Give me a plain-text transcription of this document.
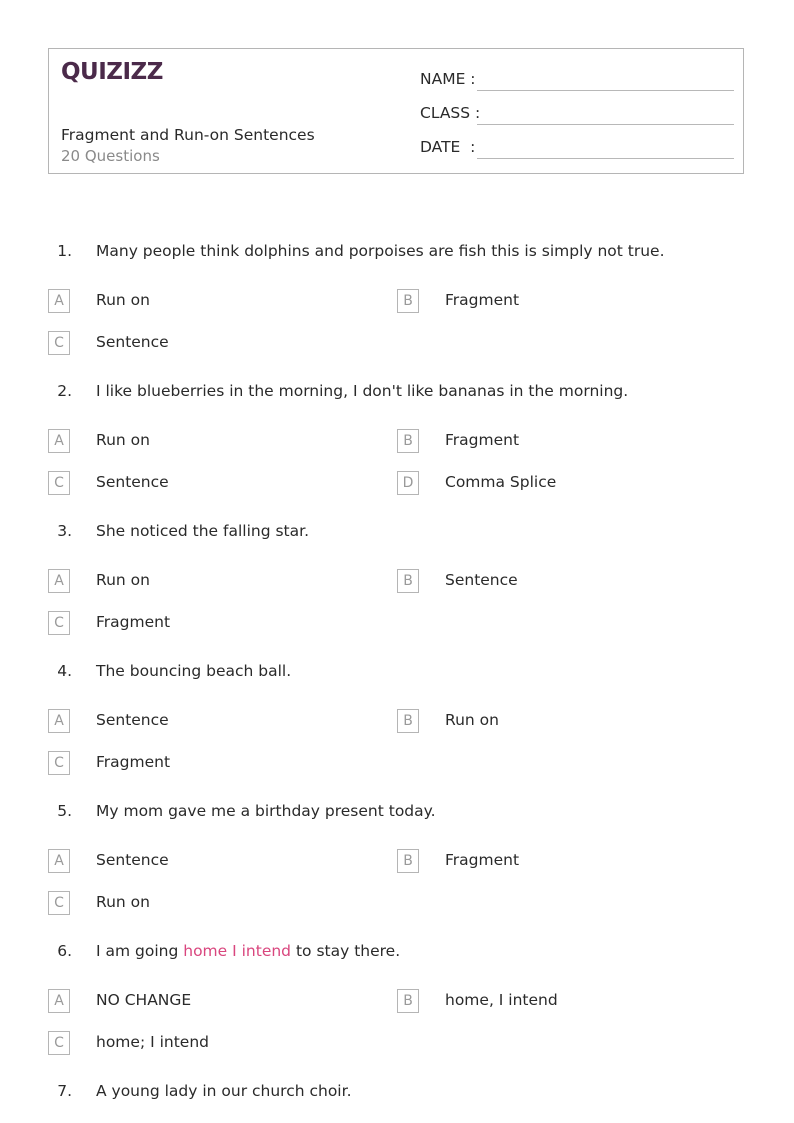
QUIZIZZ
Fragment and Run-on Sentences
20 Questions
NAME :
CLASS :
DATE  :
1. Many people think dolphins and porpoises are fish this is simply not true.
A	Run on	B	Fragment
C	Sentence
2. I like blueberries in the morning, I don't like bananas in the morning.
A	Run on	B	Fragment
C	Sentence	D	Comma Splice
3. She noticed the falling star.
A	Run on	B	Sentence
C	Fragment
4. The bouncing beach ball.
A	Sentence	B	Run on
C	Fragment
5. My mom gave me a birthday present today.
A	Sentence	B	Fragment
C	Run on
6. I am going home I intend to stay there.
A	NO CHANGE	B	home, I intend
C	home; I intend
7. A young lady in our church choir.
